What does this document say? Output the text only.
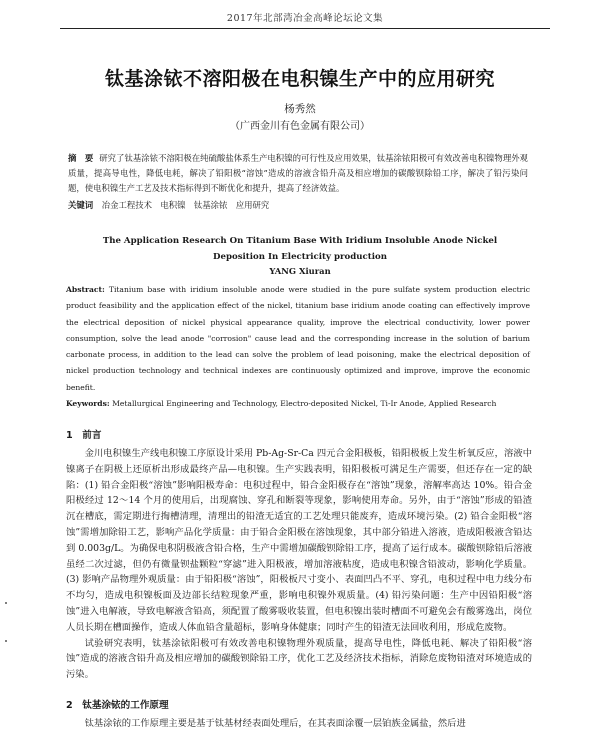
2017年北部湾冶金高峰论坛论文集
钛基涂铱不溶阳极在电积镍生产中的应用研究
杨秀然
（广西金川有色金属有限公司）
摘　要 研究了钛基涂铱不溶阳极在纯硫酸盐体系生产电积镍的可行性及应用效果，钛基涂铱阳极可有效改善电积镍物理外观质量，提高导电性，降低电耗，解决了铅阳极“溶蚀”造成的溶液含铅升高及相应增加的碳酸钡除铅工序，解决了铅污染问题，使电积镍生产工艺及技术指标得到不断优化和提升，提高了经济效益。
关键词 冶金工程技术　 电积镍　 钛基涂铱　 应用研究
The Application Research On Titanium Base With Iridium Insoluble Anode Nickel Deposition In Electricity production
YANG Xiuran
Abstract: Titanium base with iridium insoluble anode were studied in the pure sulfate system production electric product feasibility and the application effect of the nickel, titanium base iridium anode coating can effectively improve the electrical deposition of nickel physical appearance quality, improve the electrical conductivity, lower power consumption, solve the lead anode "corrosion" cause lead and the corresponding increase in the solution of barium carbonate process, in addition to the lead can solve the problem of lead poisoning, make the electrical deposition of nickel production technology and technical indexes are continuously optimized and improve, improve the economic benefit.
Keywords: Metallurgical Engineering and Technology, Electro-deposited Nickel, Ti-Ir Anode, Applied Research
1　前言

金川电积镍生产线电积镍工序原设计采用 Pb-Ag-Sr-Ca 四元合金阳极板，铅阳极板上发生析氧反应，溶液中镍离子在阴极上还原析出形成最终产品—电积镍。生产实践表明，铅阳极板可满足生产需要，但还存在一定的缺陷：(1) 铅合金阳极“溶蚀”影响阳极寿命：电积过程中，铅合金阳极存在“溶蚀”现象，溶解率高达 10%。铅合金阳极经过 12～14 个月的使用后，出现腐蚀、穿孔和断裂等现象，影响使用寿命。另外，由于“溶蚀”形成的铅渣沉在槽底，需定期进行掏槽清理，清理出的铅渣无适宜的工艺处理只能废弃，造成环境污染。(2) 铅合金阳极“溶蚀”需增加除铅工艺，影响产品化学质量：由于铅合金阳极在溶蚀现象，其中部分铅进入溶液，造成阳极液含铅达到 0.003g/L。为确保电积阴极液含铅合格，生产中需增加碳酸钡除铅工序，提高了运行成本。碳酸钡除铅后溶液虽经二次过滤，但仍有微量钡盐颗粒“穿滤”进入阳极液，增加溶液粘度，造成电积镍含铅波动，影响化学质量。(3) 影响产品物理外观质量：由于铅阳极“溶蚀”，阳极板尺寸变小、表面凹凸不平、穿孔，电积过程中电力线分布不均匀，造成电积镍板面及边部长结粒现象严重，影响电积镍外观质量。(4) 铅污染问题：生产中因铅阳极“溶蚀”进入电解液，导致电解液含铅高，须配置了酸雾吸收装置，但电积镍出装时槽面不可避免会有酸雾逸出，岗位人员长期在槽面操作，造成人体血铅含量超标，影响身体健康；同时产生的铅渣无法回收利用，形成危废物。

试验研究表明，钛基涂铱阳极可有效改善电积镍物理外观质量，提高导电性，降低电耗、解决了铅阳极“溶蚀”造成的溶液含铅升高及相应增加的碳酸钡除铅工序，优化工艺及经济技术指标，消除危废物铅渣对环境造成的污染。

2　钛基涂铱的工作原理

钛基涂铱的工作原理主要是基于钛基材经表面处理后，在其表面涂覆一层铂族金属盐，然后进
